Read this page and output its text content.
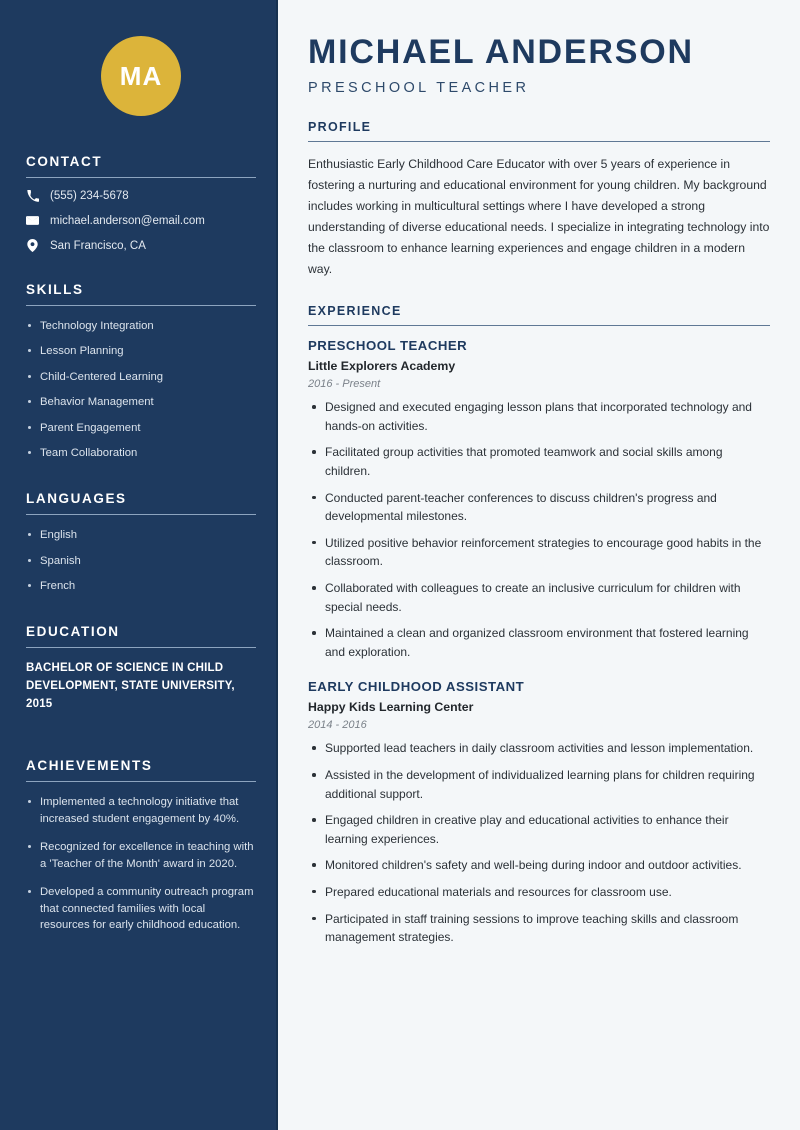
MA
CONTACT
(555) 234-5678
michael.anderson@email.com
San Francisco, CA
SKILLS
Technology Integration
Lesson Planning
Child-Centered Learning
Behavior Management
Parent Engagement
Team Collaboration
LANGUAGES
English
Spanish
French
EDUCATION
BACHELOR OF SCIENCE IN CHILD DEVELOPMENT, STATE UNIVERSITY, 2015
ACHIEVEMENTS
Implemented a technology initiative that increased student engagement by 40%.
Recognized for excellence in teaching with a 'Teacher of the Month' award in 2020.
Developed a community outreach program that connected families with local resources for early childhood education.
MICHAEL ANDERSON
PRESCHOOL TEACHER
PROFILE

Enthusiastic Early Childhood Care Educator with over 5 years of experience in fostering a nurturing and educational environment for young children. My background includes working in multicultural settings where I have developed a strong understanding of diverse educational needs. I specialize in integrating technology into the classroom to enhance learning experiences and engage children in a modern way.

EXPERIENCE
PRESCHOOL TEACHER
Little Explorers Academy
2016 - Present
Designed and executed engaging lesson plans that incorporated technology and hands-on activities.
Facilitated group activities that promoted teamwork and social skills among children.
Conducted parent-teacher conferences to discuss children's progress and developmental milestones.
Utilized positive behavior reinforcement strategies to encourage good habits in the classroom.
Collaborated with colleagues to create an inclusive curriculum for children with special needs.
Maintained a clean and organized classroom environment that fostered learning and exploration.
EARLY CHILDHOOD ASSISTANT
Happy Kids Learning Center
2014 - 2016
Supported lead teachers in daily classroom activities and lesson implementation.
Assisted in the development of individualized learning plans for children requiring additional support.
Engaged children in creative play and educational activities to enhance their learning experiences.
Monitored children's safety and well-being during indoor and outdoor activities.
Prepared educational materials and resources for classroom use.
Participated in staff training sessions to improve teaching skills and classroom management strategies.
